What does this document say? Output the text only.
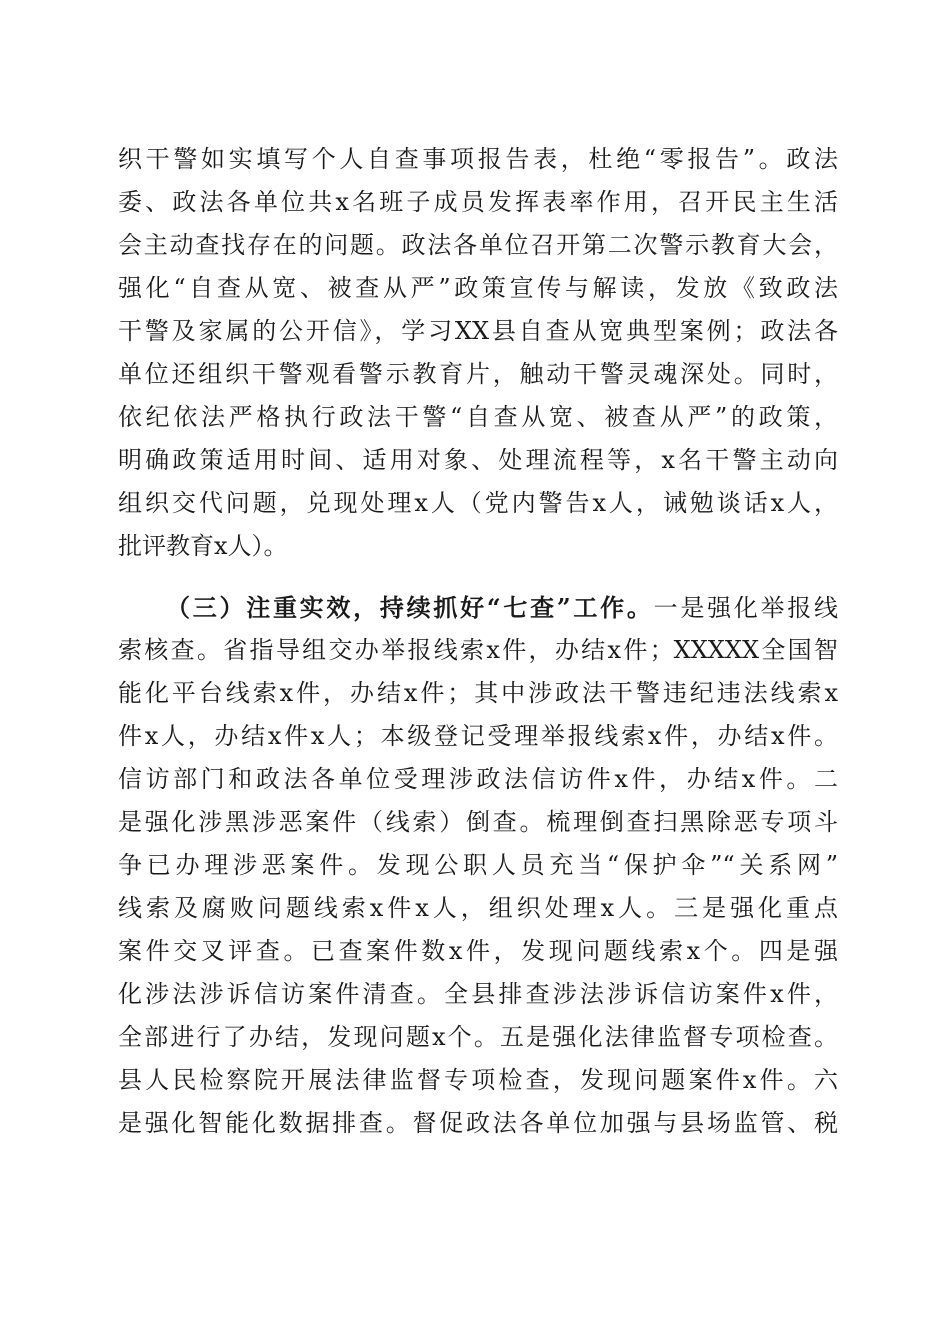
织干警如实填写个人自查事项报告表，杜绝“零报告”。政法
委、政法各单位共x名班子成员发挥表率作用，召开民主生活
会主动查找存在的问题。政法各单位召开第二次警示教育大会，
强化“自查从宽、被查从严”政策宣传与解读，发放《致政法
干警及家属的公开信》，学习XX县自查从宽典型案例；政法各
单位还组织干警观看警示教育片，触动干警灵魂深处。同时，
依纪依法严格执行政法干警“自查从宽、被查从严”的政策，
明确政策适用时间、适用对象、处理流程等，x名干警主动向
组织交代问题，兑现处理x人（党内警告x人，诫勉谈话x人，
批评教育x人）。
（三）注重实效，持续抓好“七查”工作。一是强化举报线
索核查。省指导组交办举报线索x件，办结x件；XXXXX全国智
能化平台线索x件，办结x件；其中涉政法干警违纪违法线索x
件x人，办结x件x人；本级登记受理举报线索x件，办结x件。
信访部门和政法各单位受理涉政法信访件x件，办结x件。二
是强化涉黑涉恶案件（线索）倒查。梳理倒查扫黑除恶专项斗
争已办理涉恶案件。发现公职人员充当“保护伞”“关系网”
线索及腐败问题线索x件x人，组织处理x人。三是强化重点
案件交叉评查。已查案件数x件，发现问题线索x个。四是强
化涉法涉诉信访案件清查。全县排查涉法涉诉信访案件x件，
全部进行了办结，发现问题x个。五是强化法律监督专项检查。
县人民检察院开展法律监督专项检查，发现问题案件x件。六
是强化智能化数据排查。督促政法各单位加强与县场监管、税
